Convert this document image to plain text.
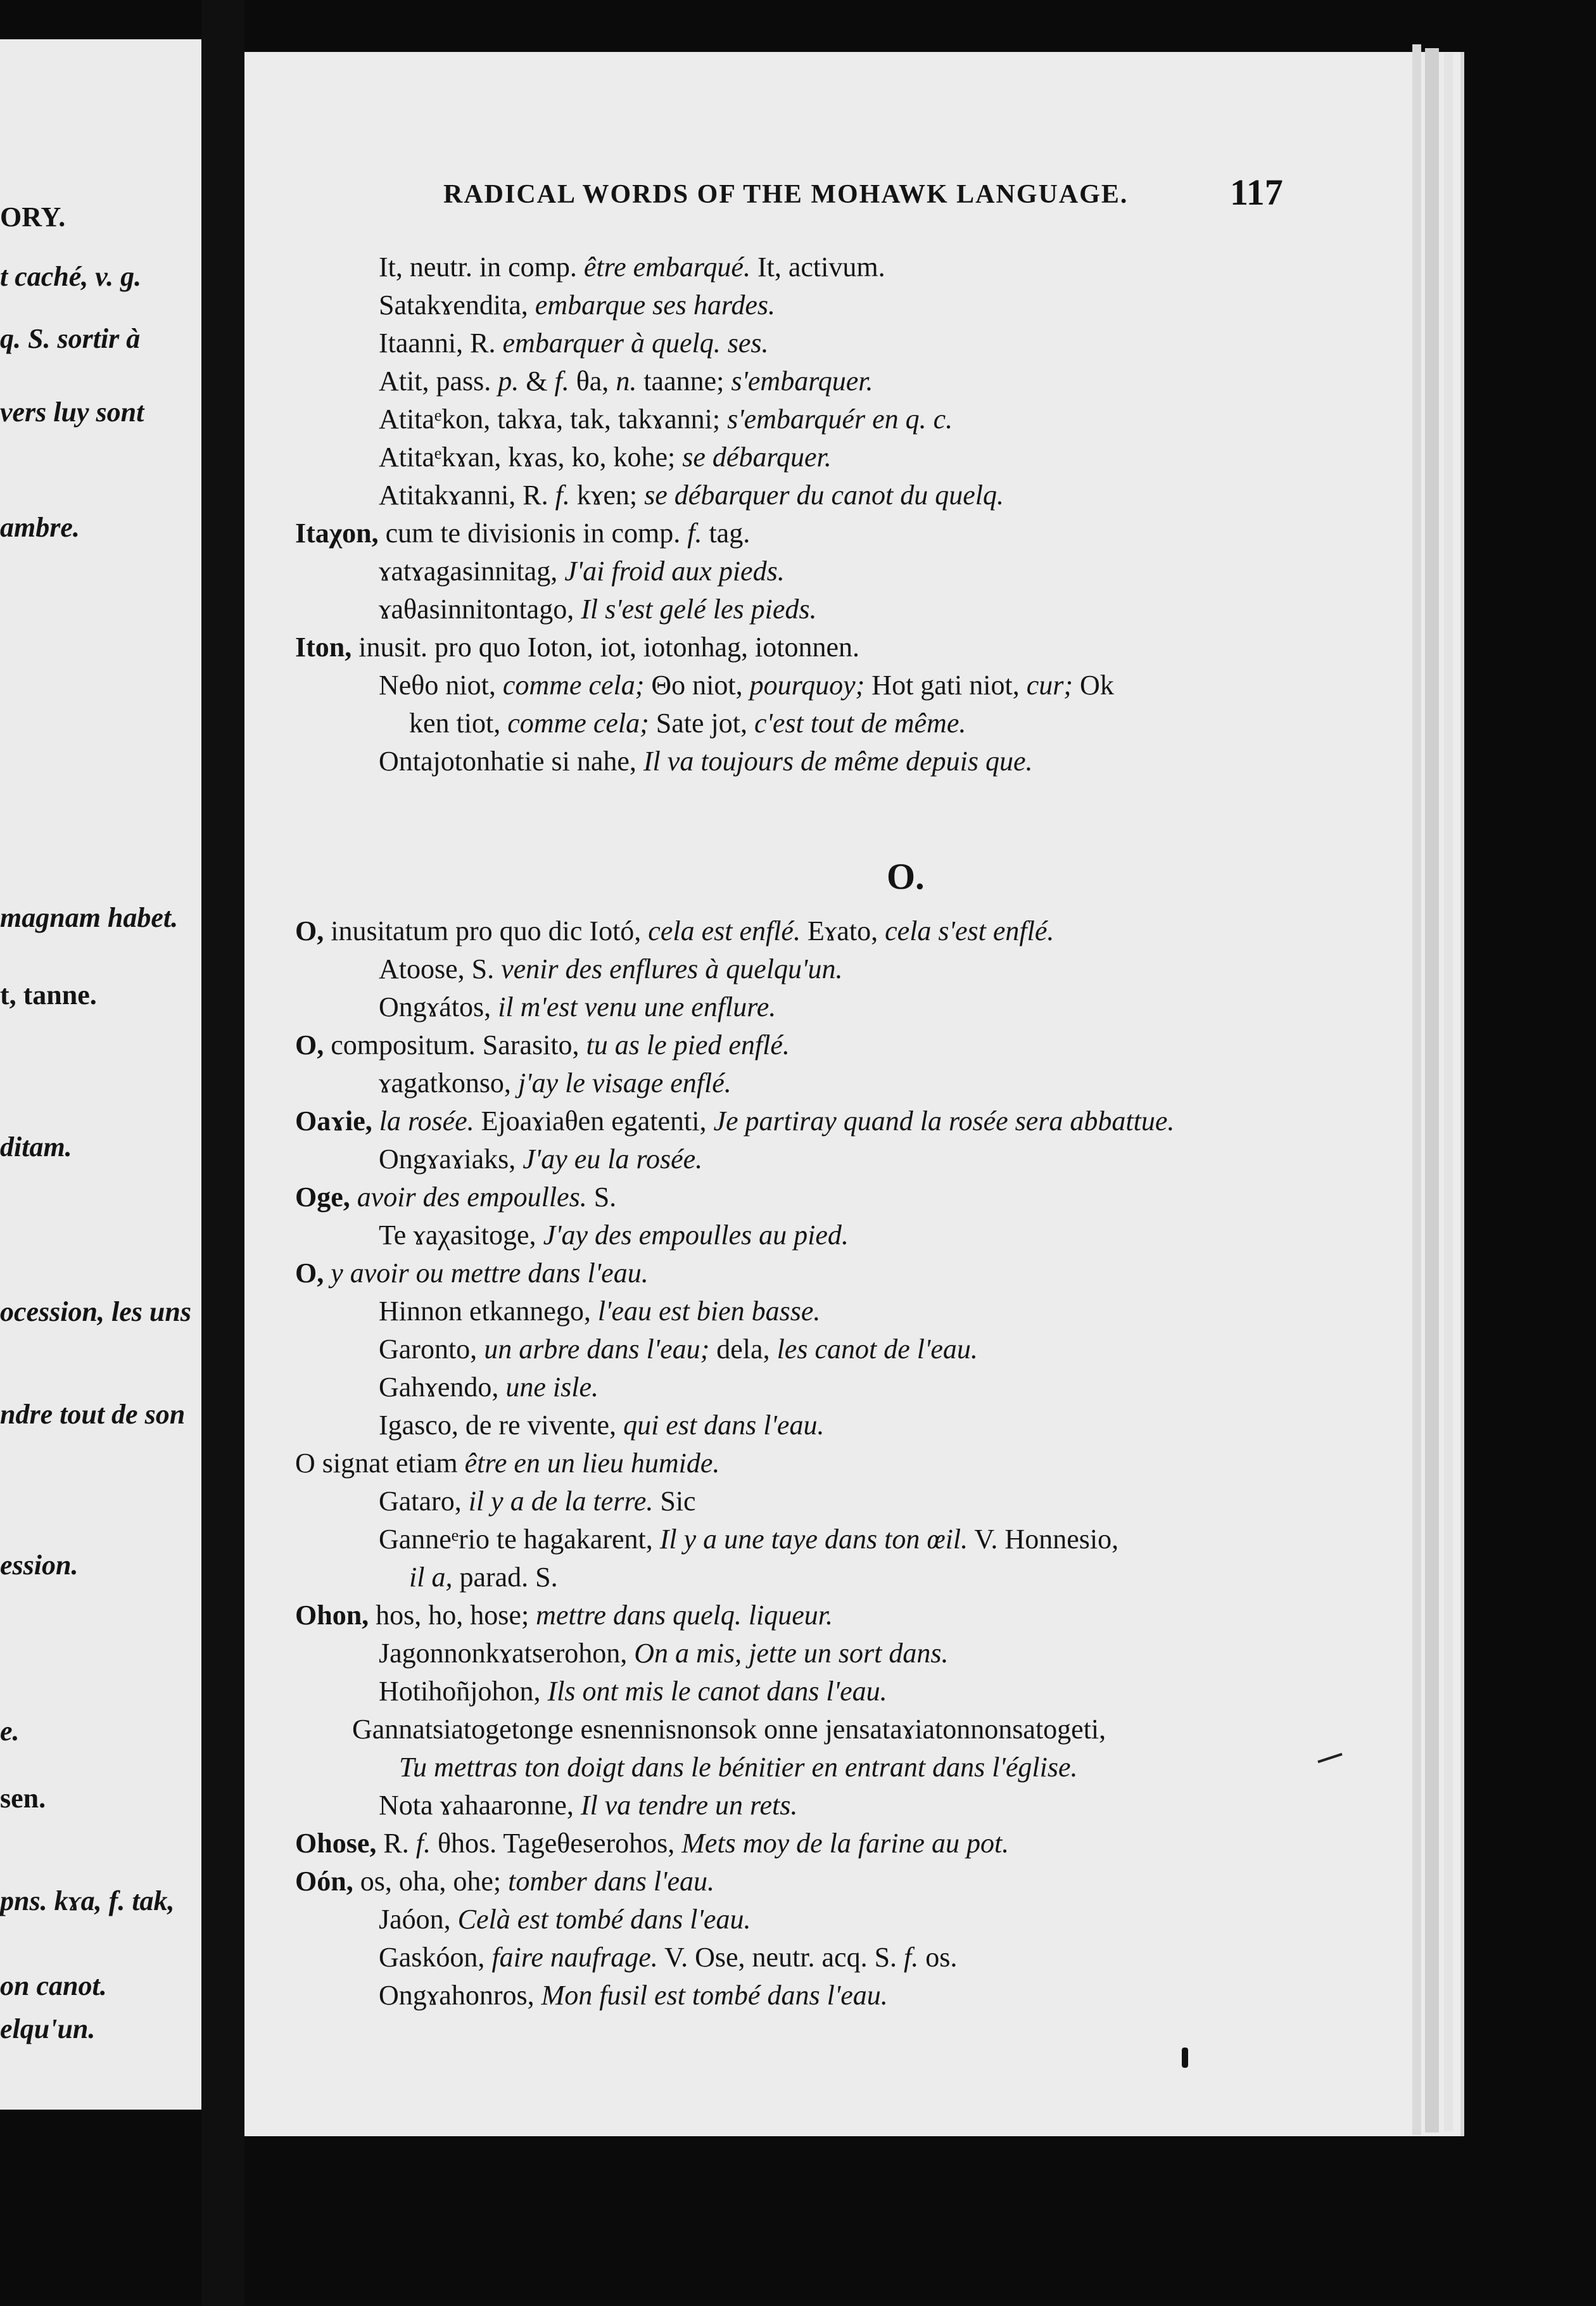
ORY.
t caché, v. g.
q. S. sortir à
vers luy sont
ambre.
magnam habet.
t, tanne.
ditam.
ocession, les uns
ndre tout de son
ession.
e.
sen.
pns. kɤa, f. tak,
on canot.
elqu'un.
RADICAL WORDS OF THE MOHAWK LANGUAGE.	117
O.
It, neutr. in comp. être embarqué. It, activum.
Satakɤendita, embarque ses hardes.
Itaanni, R. embarquer à quelq. ses.
Atit, pass. p. & f. θa, n. taanne; s'embarquer.
Atitaᵉkon, takɤa, tak, takɤanni; s'embarquér en q. c.
Atitaᵉkɤan, kɤas, ko, kohe; se débarquer.
Atitakɤanni, R. f. kɤen; se débarquer du canot du quelq.
Itaχon, cum te divisionis in comp. f. tag.
ɤatɤagasinnitag, J'ai froid aux pieds.
ɤaθasinnitontago, Il s'est gelé les pieds.
Iton, inusit. pro quo Ioton, iot, iotonhag, iotonnen.
Neθo niot, comme cela; Θo niot, pourquoy; Hot gati niot, cur; Ok
ken tiot, comme cela; Sate jot, c'est tout de même.
Ontajotonhatie si nahe, Il va toujours de même depuis que.
O, inusitatum pro quo dic Iotó, cela est enflé. Eɤato, cela s'est enflé.
Atoose, S. venir des enflures à quelqu'un.
Ongɤátos, il m'est venu une enflure.
O, compositum. Sarasito, tu as le pied enflé.
ɤagatkonso, j'ay le visage enflé.
Oaɤie, la rosée. Ejoaɤiaθen egatenti, Je partiray quand la rosée sera abbattue.
Ongɤaɤiaks, J'ay eu la rosée.
Oge, avoir des empoulles. S.
Te ɤaχasitoge, J'ay des empoulles au pied.
O, y avoir ou mettre dans l'eau.
Hinnon etkannego, l'eau est bien basse.
Garonto, un arbre dans l'eau; dela, les canot de l'eau.
Gahɤendo, une isle.
Igasco, de re vivente, qui est dans l'eau.
O signat etiam être en un lieu humide.
Gataro, il y a de la terre. Sic
Ganneᵉrio te hagakarent, Il y a une taye dans ton œil. V. Honnesio,
il a, parad. S.
Ohon, hos, ho, hose; mettre dans quelq. liqueur.
Jagonnonkɤatserohon, On a mis, jette un sort dans.
Hotihoñjohon, Ils ont mis le canot dans l'eau.
Gannatsiatogetonge esnennisnonsok onne jensataɤiatonnonsatogeti,
Tu mettras ton doigt dans le bénitier en entrant dans l'église.
Nota ɤahaaronne, Il va tendre un rets.
Ohose, R. f. θhos. Tageθeserohos, Mets moy de la farine au pot.
Oón, os, oha, ohe; tomber dans l'eau.
Jaóon, Celà est tombé dans l'eau.
Gaskóon, faire naufrage. V. Ose, neutr. acq. S. f. os.
Ongɤahonros, Mon fusil est tombé dans l'eau.
